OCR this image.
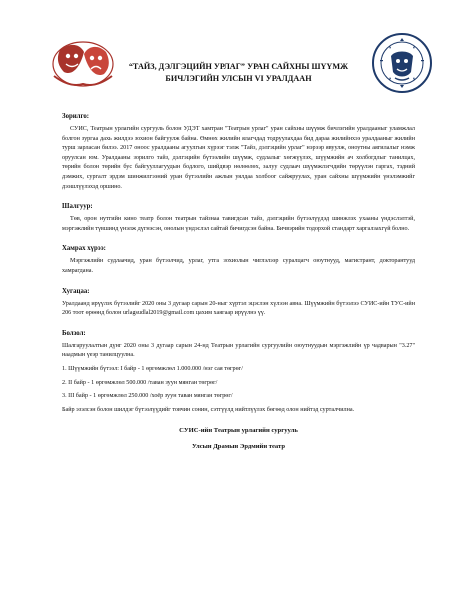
“ТАЙЗ, ДЭЛГЭЦИЙН УРЛАГ” УРАН САЙХНЫ ШҮҮМЖ
БИЧЛЭГИЙН УЛСЫН VI УРАЛДААН
Зорилго:

СУИС, Театрын урлагийн сургууль болон УДЭТ хамтран "Театрын урлаг" уран сайхны шүүмж бичлэгийн уралдааныг уламжлал болгон зургаа дахь жилдээ зохион байгуулж байна. Өмнөх жилийн ялагчдад тодруулахдаа бид дараа жилийнхээ уралдааныг жилийн турш зарласан билээ. 2017 оноос уралдааны агуулгын хүрээг тэлж "Тайз, дэлгэцийн урлаг" нэрээр явуулж, оноутны аягилалыг нэмж оруулсан юм. Уралдааны зорилго тайз, дэлгэцийн бүтээлийн шүүмж, судлалыг хөгжүүлэх, шүүмжийн ач холбогдлыг танилцах, төрийн болон төрийн бус байгууллагуудын бодлого, шийдвэр нөлөөлөх, залуу судлаач шүүмжлэгчдийн төрүүлэн гаргах, тэдний дэмжих, сургалт эрдэм шинжилгээний уран бүтээлийн ажлын уялдаа холбоог сайжруулах, уран сайхны шүүмжийн үнэлэмжийг дээшлүүлэхэд оршино.

Шалгуур:

Төв, орон нутгийн кино театр болон театрын тайзнаа тавигдсан тайз, дэлгэцийн бүтээлүүдэд шинжлэх ухааны үндэслэлтэй, мэргэжлийн түвшинд үнэлж дүгнэсэн, онолын үндэслэл сайтай бичигдсэн байна. Бичвэрийн тодорхой стандарт харгалзахгүй болно.

Хамрах хүрээ:

Мэргэжлийн судлаачид, уран бүтээлчид, урлаг, утга зохиолын чиглэлээр суралцагч оюутнууд, магистрант, докторантууд хамрагдана.

Хугацаа:

Уралдаанд ирүүлэх бүтээлийг 2020 оны 3 дугаар сарын 20-ныг хүртэл эцэслэн хүлээн авна. Шүүмжийн бүтээлээ СУИС-ийн ТУС-ийн 206 тоот өрөөнд болон urlagsudlal2019@gmail.com цахим хаягаар ирүүлнэ үү.

Болзол:

Шалгаруулалтын дүнг 2020 оны 3 дугаар сарын 24-нд Театрын урлагийн сургуулийн оюутнуудын мэргэжлийн үр чадварын "3.27" наадмын үеэр танилцуулна.

1. Шүүмжийн бүтээл: I байр - 1 өргөмжлөл 1.000.000 /нэг сая төгрөг/
2. II байр - 1 өргөмжлөл 500.000 /таван зуун мянган төгрөг/
3. III байр - 1 өргөмжлөл 250.000 /хоёр зуун таван мянган төгрөг/

Байр эзэлсэн болон шилдэг бүтээлүүдийг товчин сонин, сэтгүүлд нийтлүүлэх бөгөөд олон нийтэд сурталчилна.

СУИС-ийн Театрын урлагийн сургууль
Улсын Драмын Эрдмийн театр
